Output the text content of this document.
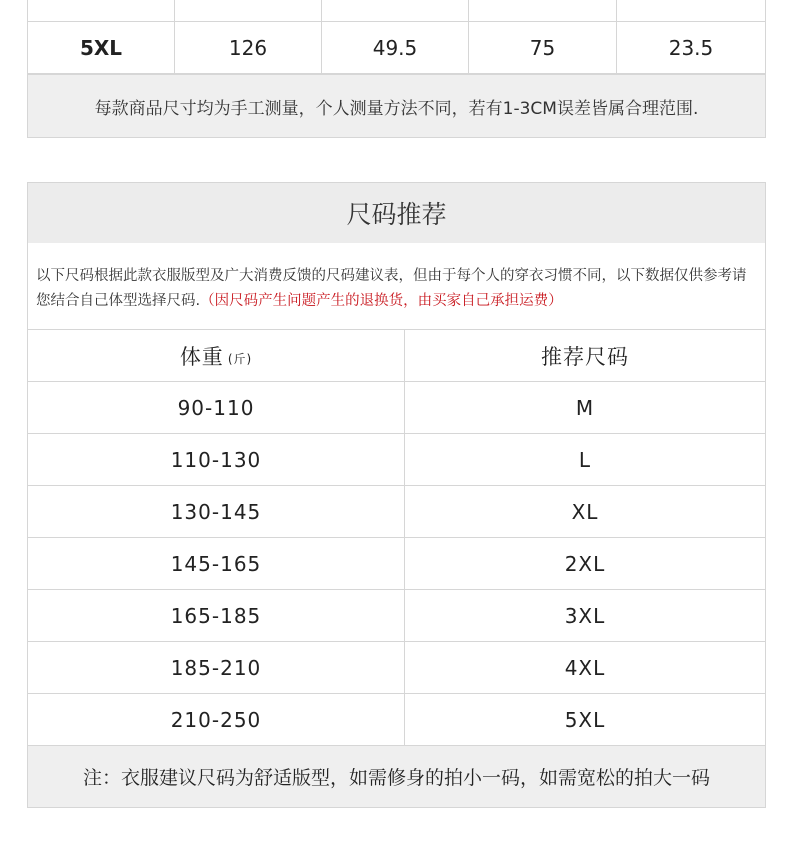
5XL	126	49.5	75	23.5
每款商品尺寸均为手工测量，个人测量方法不同，若有1-3CM误差皆属合理范围.
尺码推荐
以下尺码根据此款衣服版型及广大消费反馈的尺码建议表，但由于每个人的穿衣习惯不同，以下数据仅供参考请您结合自己体型选择尺码.（因尺码产生问题产生的退换货，由买家自己承担运费）
体重 (斤)	推荐尺码
90-110	M
110-130	L
130-145	XL
145-165	2XL
165-185	3XL
185-210	4XL
210-250	5XL
注：衣服建议尺码为舒适版型，如需修身的拍小一码，如需宽松的拍大一码
